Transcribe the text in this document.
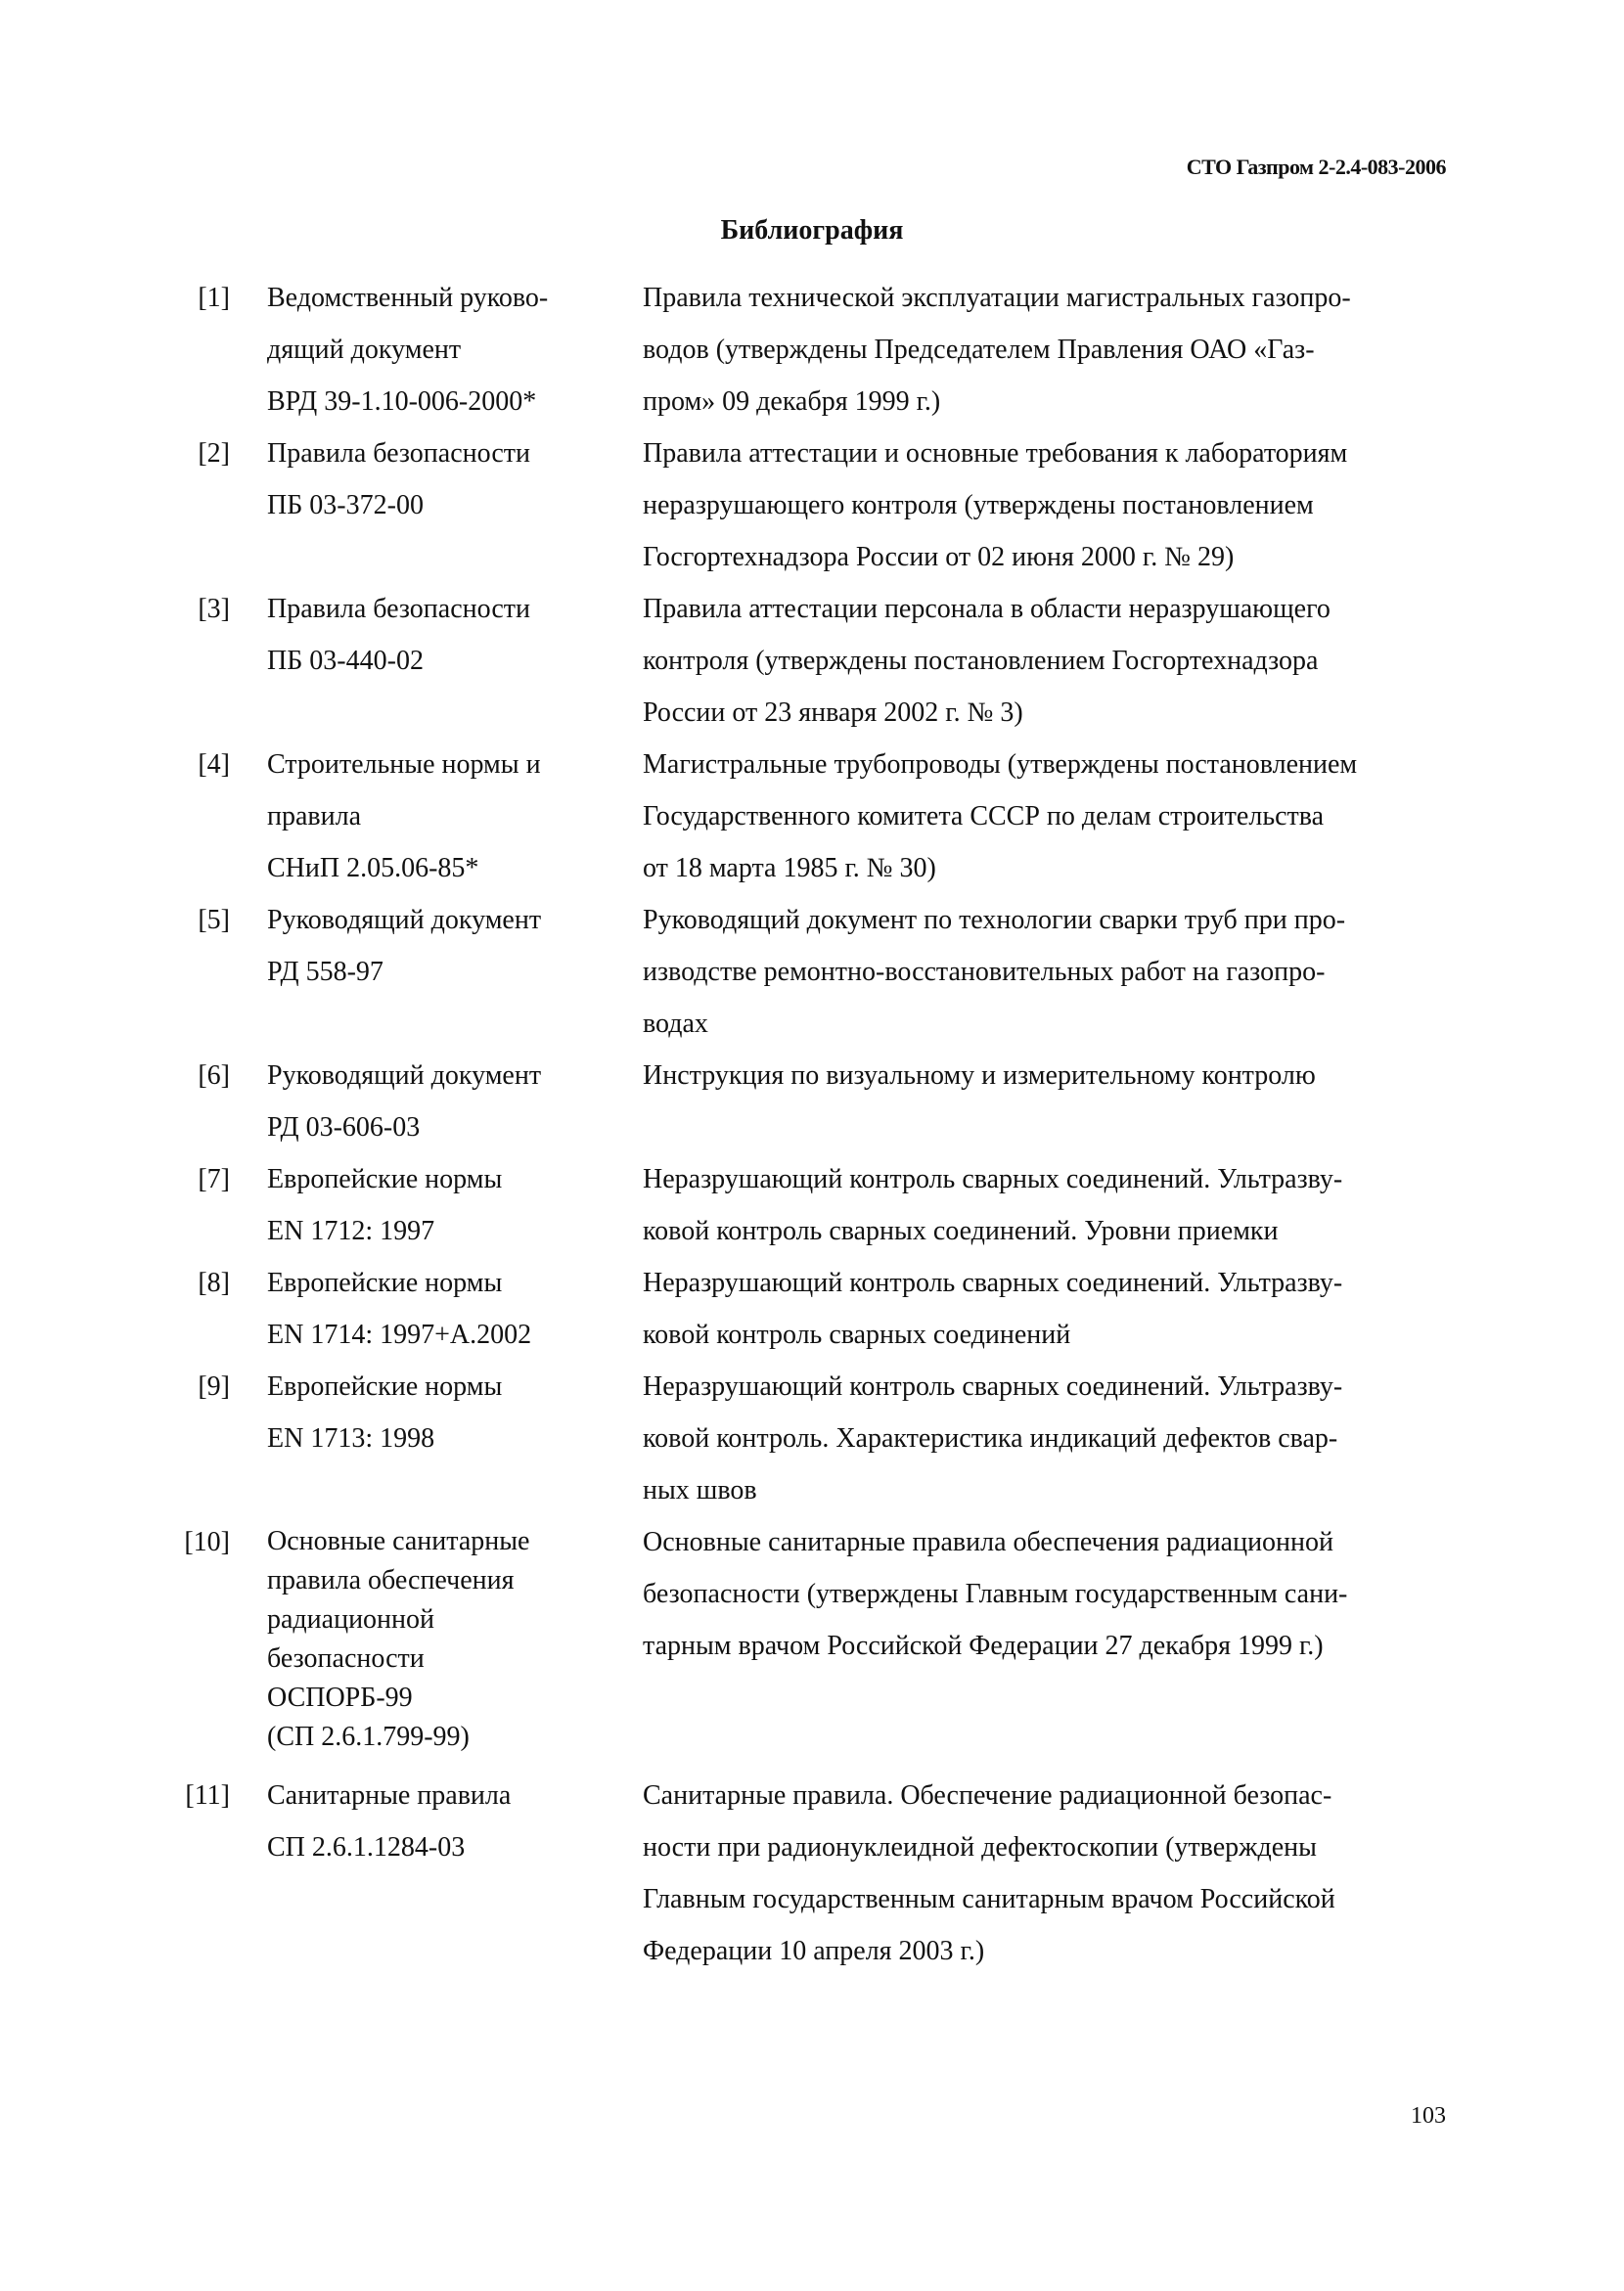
СТО Газпром 2-2.4-083-2006
Библиография
[1] Ведомственный руково-
дящий документ
ВРД 39-1.10-006-2000*
Правила технической эксплуатации магистральных газопро-
водов (утверждены Председателем Правления ОАО «Газ-
пром» 09 декабря 1999 г.)
[2] Правила безопасности
ПБ 03-372-00
Правила аттестации и основные требования к лабораториям
неразрушающего контроля (утверждены постановлением
Госгортехнадзора России от 02 июня 2000 г. № 29)
[3] Правила безопасности
ПБ 03-440-02
Правила аттестации персонала в области неразрушающего
контроля (утверждены постановлением Госгортехнадзора
России от 23 января 2002 г. № 3)
[4] Строительные нормы и
правила
СНиП 2.05.06-85*
Магистральные трубопроводы (утверждены постановлением
Государственного комитета СССР по делам строительства
от 18 марта 1985 г. № 30)
[5] Руководящий документ
РД 558-97
Руководящий документ по технологии сварки труб при про-
изводстве ремонтно-восстановительных работ на газопро-
водах
[6] Руководящий документ
РД 03-606-03
Инструкция по визуальному и измерительному контролю
[7] Европейские нормы
EN 1712: 1997
Неразрушающий контроль сварных соединений. Ультразву-
ковой контроль сварных соединений. Уровни приемки
[8] Европейские нормы
EN 1714: 1997+A.2002
Неразрушающий контроль сварных соединений. Ультразву-
ковой контроль сварных соединений
[9] Европейские нормы
EN 1713: 1998
Неразрушающий контроль сварных соединений. Ультразву-
ковой контроль. Характеристика индикаций дефектов свар-
ных швов
[10] Основные санитарные
правила обеспечения
радиационной
безопасности
ОСПОРБ-99
(СП 2.6.1.799-99)
Основные санитарные правила обеспечения радиационной
безопасности (утверждены Главным государственным сани-
тарным врачом Российской Федерации 27 декабря 1999 г.)
[11] Санитарные правила
СП 2.6.1.1284-03
Санитарные правила. Обеспечение радиационной безопас-
ности при радионуклеидной дефектоскопии (утверждены
Главным государственным санитарным врачом Российской
Федерации 10 апреля 2003 г.)
103
